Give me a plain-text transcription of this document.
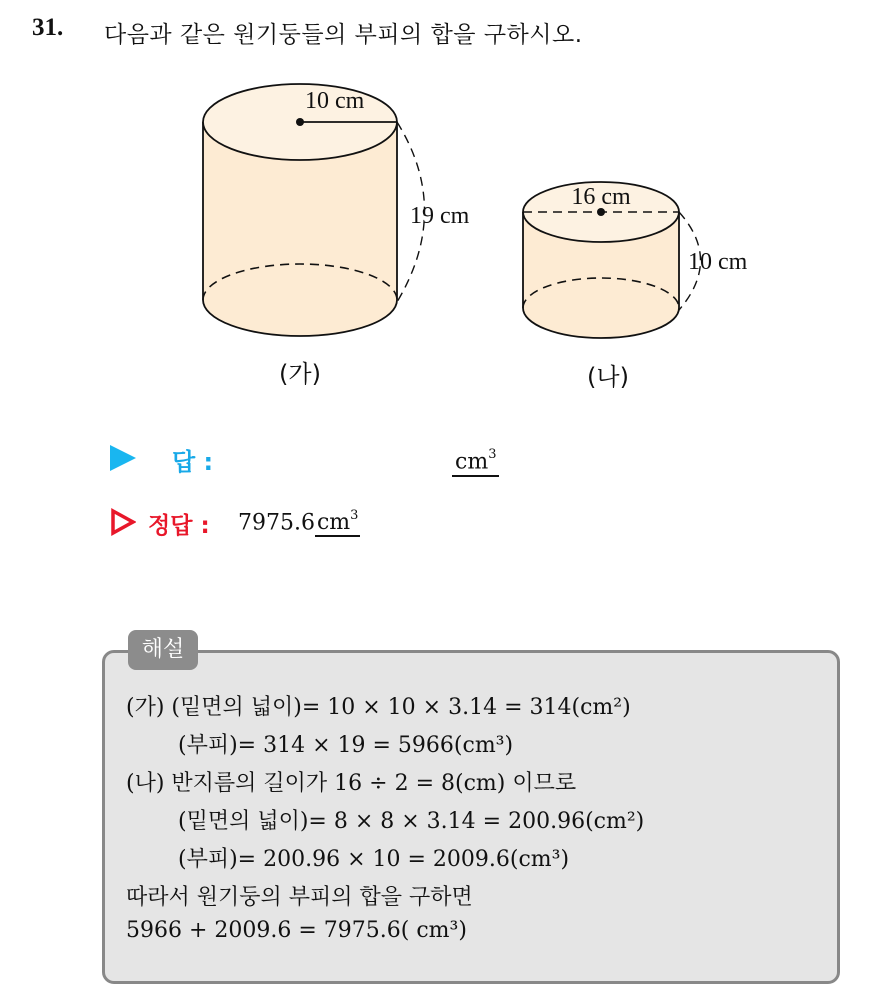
31. 다음과 같은 원기둥들의 부피의 합을 구하시오.
10 cm
19 cm
(가)
16 cm
10 cm
(나)
답 :	$cm^3$
정답 : $7975.6cm^3$
해설
(가) (밑면의 넓이)= 10 × 10 × 3.14 = 314(cm²)
(부피)= 314 × 19 = 5966(cm³)
(나) 반지름의 길이가 16 ÷ 2 = 8(cm) 이므로
(밑면의 넓이)= 8 × 8 × 3.14 = 200.96(cm²)
(부피)= 200.96 × 10 = 2009.6(cm³)
따라서 원기둥의 부피의 합을 구하면
5966 + 2009.6 = 7975.6( cm³)
